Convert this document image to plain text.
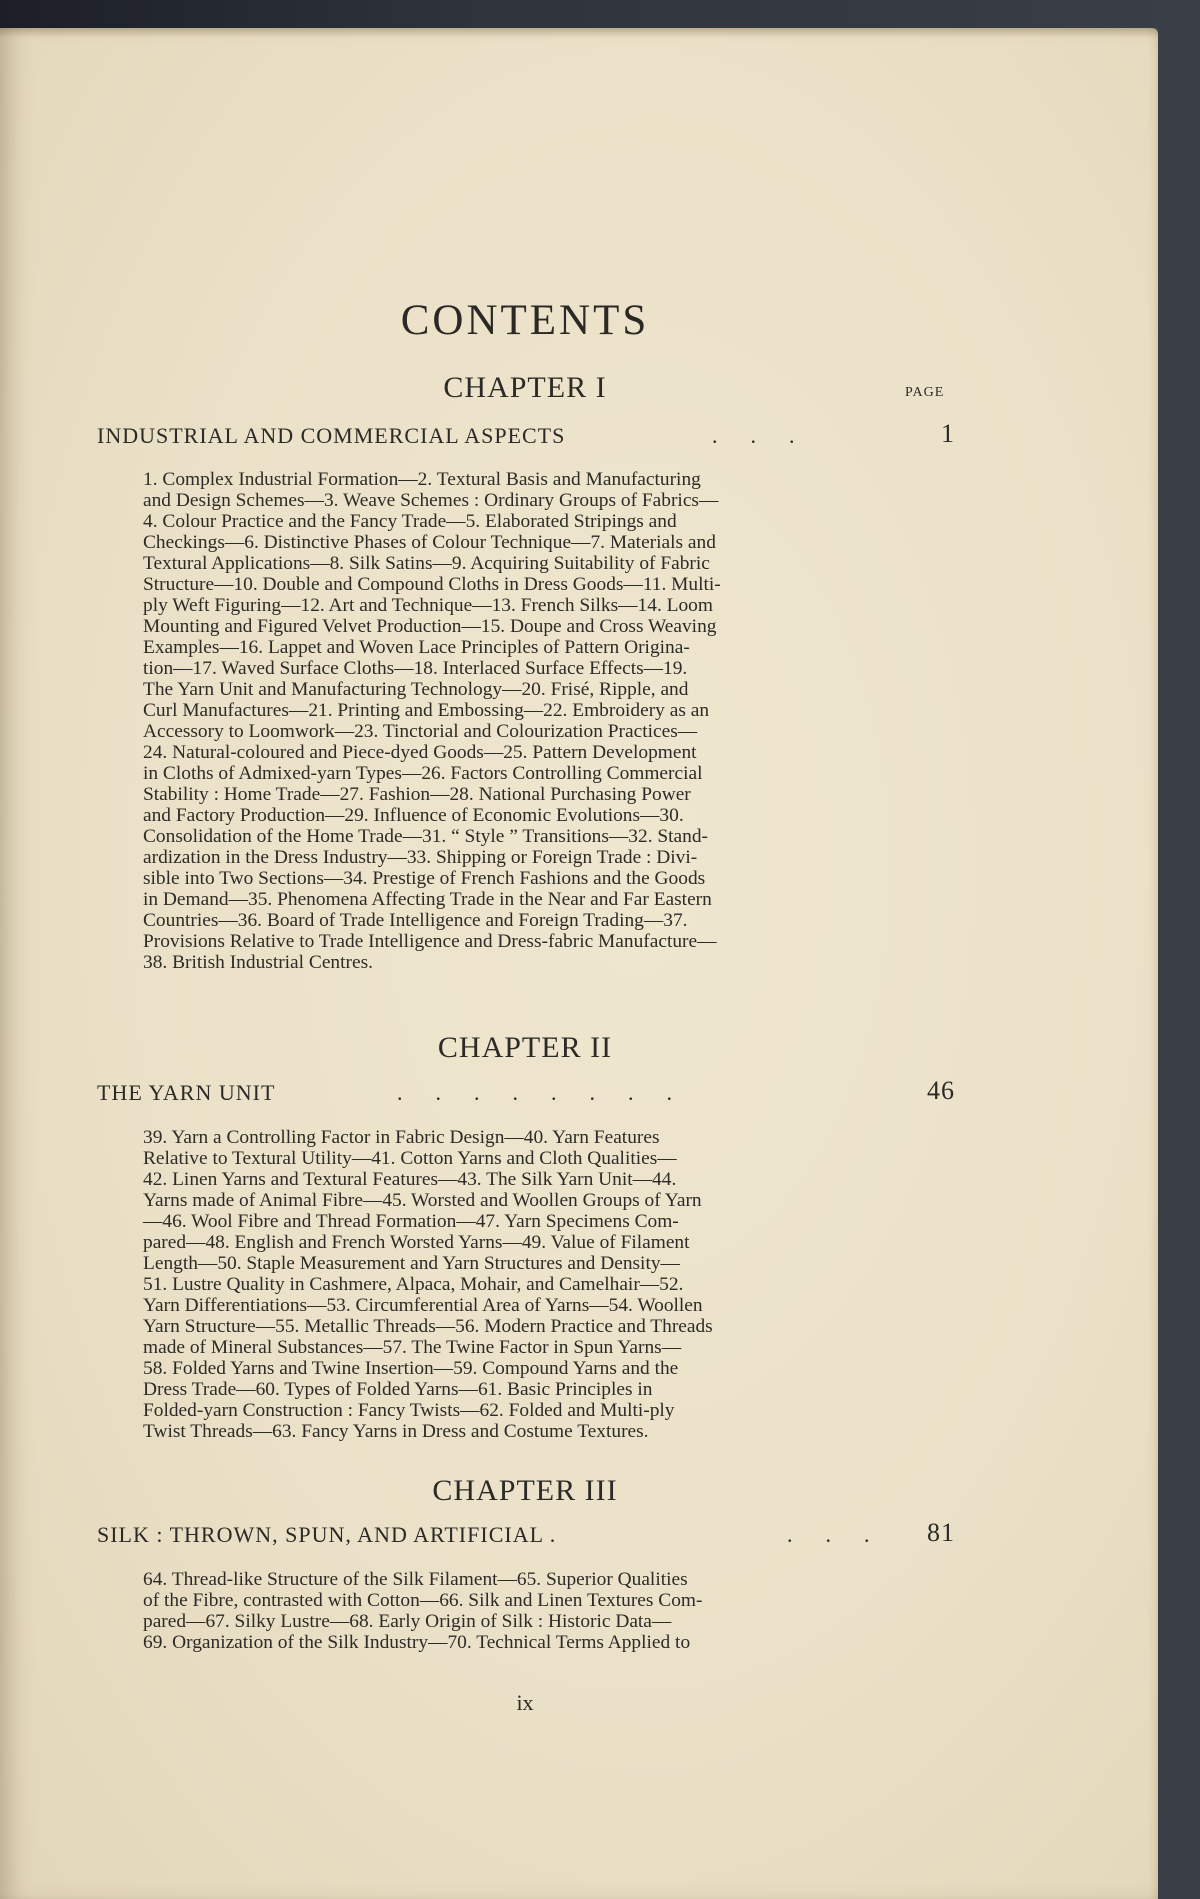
CONTENTS
CHAPTER I	PAGE
INDUSTRIAL AND COMMERCIAL ASPECTS	.      .      .	1
1. Complex Industrial Formation—2. Textural Basis and Manufacturing
and Design Schemes—3. Weave Schemes : Ordinary Groups of Fabrics—
4. Colour Practice and the Fancy Trade—5. Elaborated Stripings and
Checkings—6. Distinctive Phases of Colour Technique—7. Materials and
Textural Applications—8. Silk Satins—9. Acquiring Suitability of Fabric
Structure—10. Double and Compound Cloths in Dress Goods—11. Multi-
ply Weft Figuring—12. Art and Technique—13. French Silks—14. Loom
Mounting and Figured Velvet Production—15. Doupe and Cross Weaving
Examples—16. Lappet and Woven Lace Principles of Pattern Origina-
tion—17. Waved Surface Cloths—18. Interlaced Surface Effects—19.
The Yarn Unit and Manufacturing Technology—20. Frisé, Ripple, and
Curl Manufactures—21. Printing and Embossing—22. Embroidery as an
Accessory to Loomwork—23. Tinctorial and Colourization Practices—
24. Natural-coloured and Piece-dyed Goods—25. Pattern Development
in Cloths of Admixed-yarn Types—26. Factors Controlling Commercial
Stability : Home Trade—27. Fashion—28. National Purchasing Power
and Factory Production—29. Influence of Economic Evolutions—30.
Consolidation of the Home Trade—31. “ Style ” Transitions—32. Stand-
ardization in the Dress Industry—33. Shipping or Foreign Trade : Divi-
sible into Two Sections—34. Prestige of French Fashions and the Goods
in Demand—35. Phenomena Affecting Trade in the Near and Far Eastern
Countries—36. Board of Trade Intelligence and Foreign Trading—37.
Provisions Relative to Trade Intelligence and Dress-fabric Manufacture—
38. British Industrial Centres.
CHAPTER II
THE YARN UNIT	.      .      .      .      .      .      .      .	46
39. Yarn a Controlling Factor in Fabric Design—40. Yarn Features
Relative to Textural Utility—41. Cotton Yarns and Cloth Qualities—
42. Linen Yarns and Textural Features—43. The Silk Yarn Unit—44.
Yarns made of Animal Fibre—45. Worsted and Woollen Groups of Yarn
—46. Wool Fibre and Thread Formation—47. Yarn Specimens Com-
pared—48. English and French Worsted Yarns—49. Value of Filament
Length—50. Staple Measurement and Yarn Structures and Density—
51. Lustre Quality in Cashmere, Alpaca, Mohair, and Camelhair—52.
Yarn Differentiations—53. Circumferential Area of Yarns—54. Woollen
Yarn Structure—55. Metallic Threads—56. Modern Practice and Threads
made of Mineral Substances—57. The Twine Factor in Spun Yarns—
58. Folded Yarns and Twine Insertion—59. Compound Yarns and the
Dress Trade—60. Types of Folded Yarns—61. Basic Principles in
Folded-yarn Construction : Fancy Twists—62. Folded and Multi-ply
Twist Threads—63. Fancy Yarns in Dress and Costume Textures.
CHAPTER III
SILK : THROWN, SPUN, AND ARTIFICIAL .	.      .      . 81
64. Thread-like Structure of the Silk Filament—65. Superior Qualities
of the Fibre, contrasted with Cotton—66. Silk and Linen Textures Com-
pared—67. Silky Lustre—68. Early Origin of Silk : Historic Data—
69. Organization of the Silk Industry—70. Technical Terms Applied to
ix
